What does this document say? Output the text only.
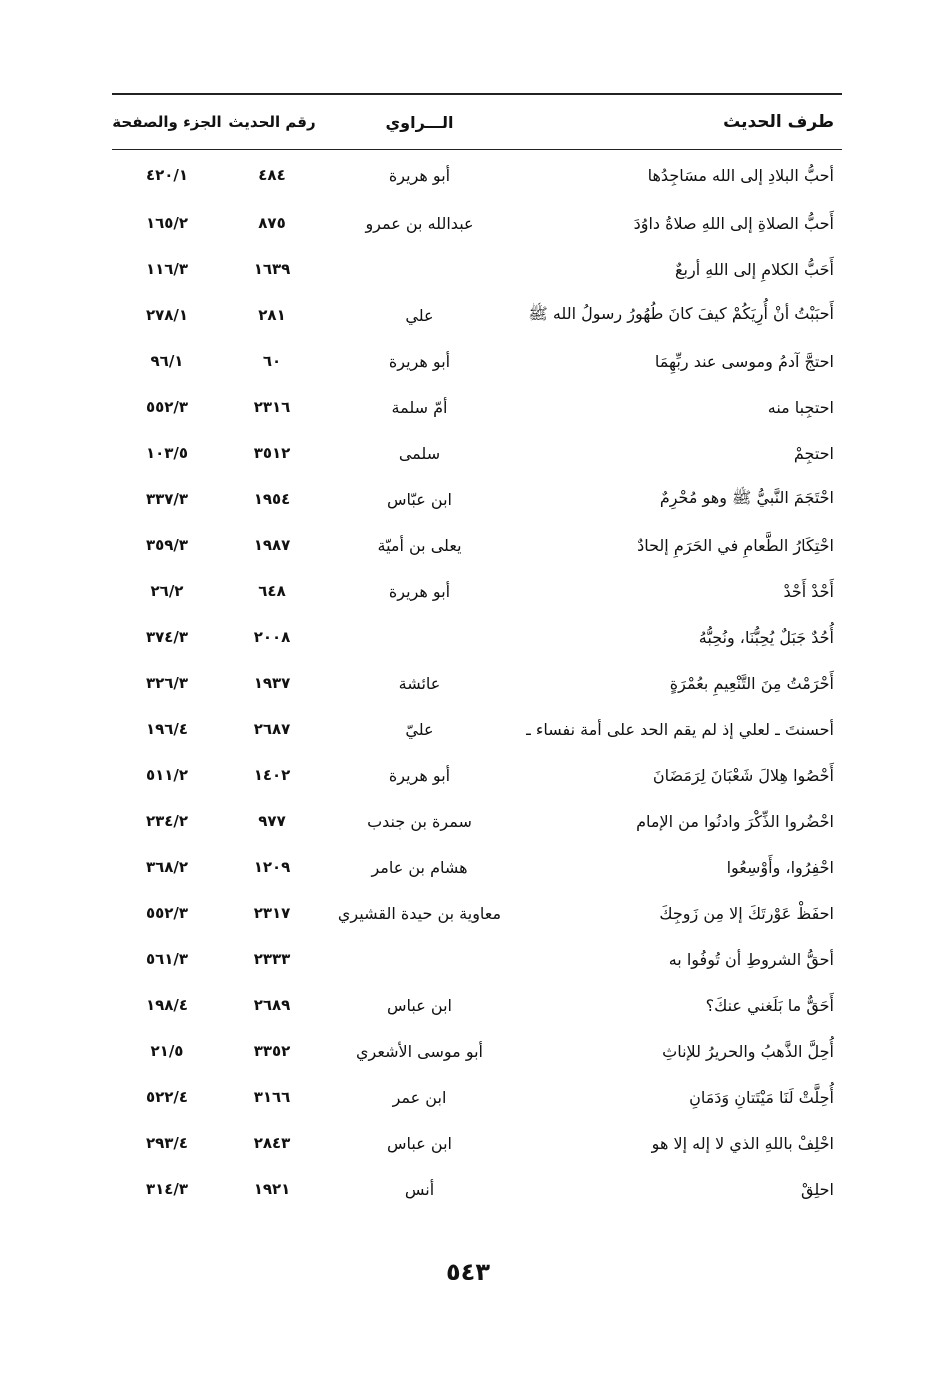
طرف الحديث	الـــراوي	رقم الحديث	الجزء والصفحة
أحبُّ البلادِ إلى الله مسَاجِدُها	أبو هريرة	٤٨٤	٤٢٠/١
أَحبُّ الصلاةِ إلى اللهِ صلاةُ داوُدَ	عبدالله بن عمرو	٨٧٥	١٦٥/٢
أَحَبُّ الكلامِ إلى اللهِ أربعٌ		١٦٣٩	١١٦/٣
أَحبَبْتُ أنْ أُرِيَكُمْ كيفَ كانَ طُهُورُ رسولُ الله ﷺ	علي	٢٨١	٢٧٨/١
احتجَّ آدمُ وموسى عند ربِّهِمَا	أبو هريرة	٦٠	٩٦/١
احتجِبا منه	أمّ سلمة	٢٣١٦	٥٥٢/٣
احتجِمْ	سلمى	٣٥١٢	١٠٣/٥
احْتَجَمَ النَّبيُّ ﷺ وهو مُحْرِمٌ	ابن عبّاس	١٩٥٤	٣٣٧/٣
احْتِكَارُ الطَّعامِ في الحَرَمِ إلحادٌ	يعلى بن أميّة	١٩٨٧	٣٥٩/٣
أَحْدْ أَحْدْ	أبو هريرة	٦٤٨	٢٦/٢
أُحُدٌ جَبَلٌ يُحِبُّنَا، ونُحِبُّهُ		٢٠٠٨	٣٧٤/٣
أَحْرَمْتُ مِنَ التَّنْعِيمِ بعُمْرَةٍ	عائشة	١٩٣٧	٣٢٦/٣
أحسنتَ ـ لعلي إذ لم يقم الحد على أمة نفساء ـ	عليّ	٢٦٨٧	١٩٦/٤
أَحْصُوا هِلالَ شَعْبَانَ لِرَمَضَانَ	أبو هريرة	١٤٠٢	٥١١/٢
احْضُروا الذِّكْرَ وادنُوا من الإمام	سمرة بن جندب	٩٧٧	٢٣٤/٢
احْفِرُوا، وأَوْسِعُوا	هشام بن عامر	١٢٠٩	٣٦٨/٢
احفَظْ عَوْرتَكَ إلا مِن زَوجِكَ	معاوية بن حيدة القشيري	٢٣١٧	٥٥٢/٣
أحقُّ الشروطِ أن تُوفُوا به		٢٣٣٣	٥٦١/٣
أَحَقٌّ ما بَلَغني عنكَ؟	ابن عباس	٢٦٨٩	١٩٨/٤
أُحِلَّ الذَّهبُ والحريرُ للإناثِ	أبو موسى الأشعري	٣٣٥٢	٢١/٥
أُحِلَّتْ لَنَا مَيْتَتانِ وَدَمَانِ	ابن عمر	٣١٦٦	٥٢٢/٤
احْلِفْ باللهِ الذي لا إله إلا هو	ابن عباس	٢٨٤٣	٢٩٣/٤
احلِقْ	أنس	١٩٢١	٣١٤/٣
٥٤٣
